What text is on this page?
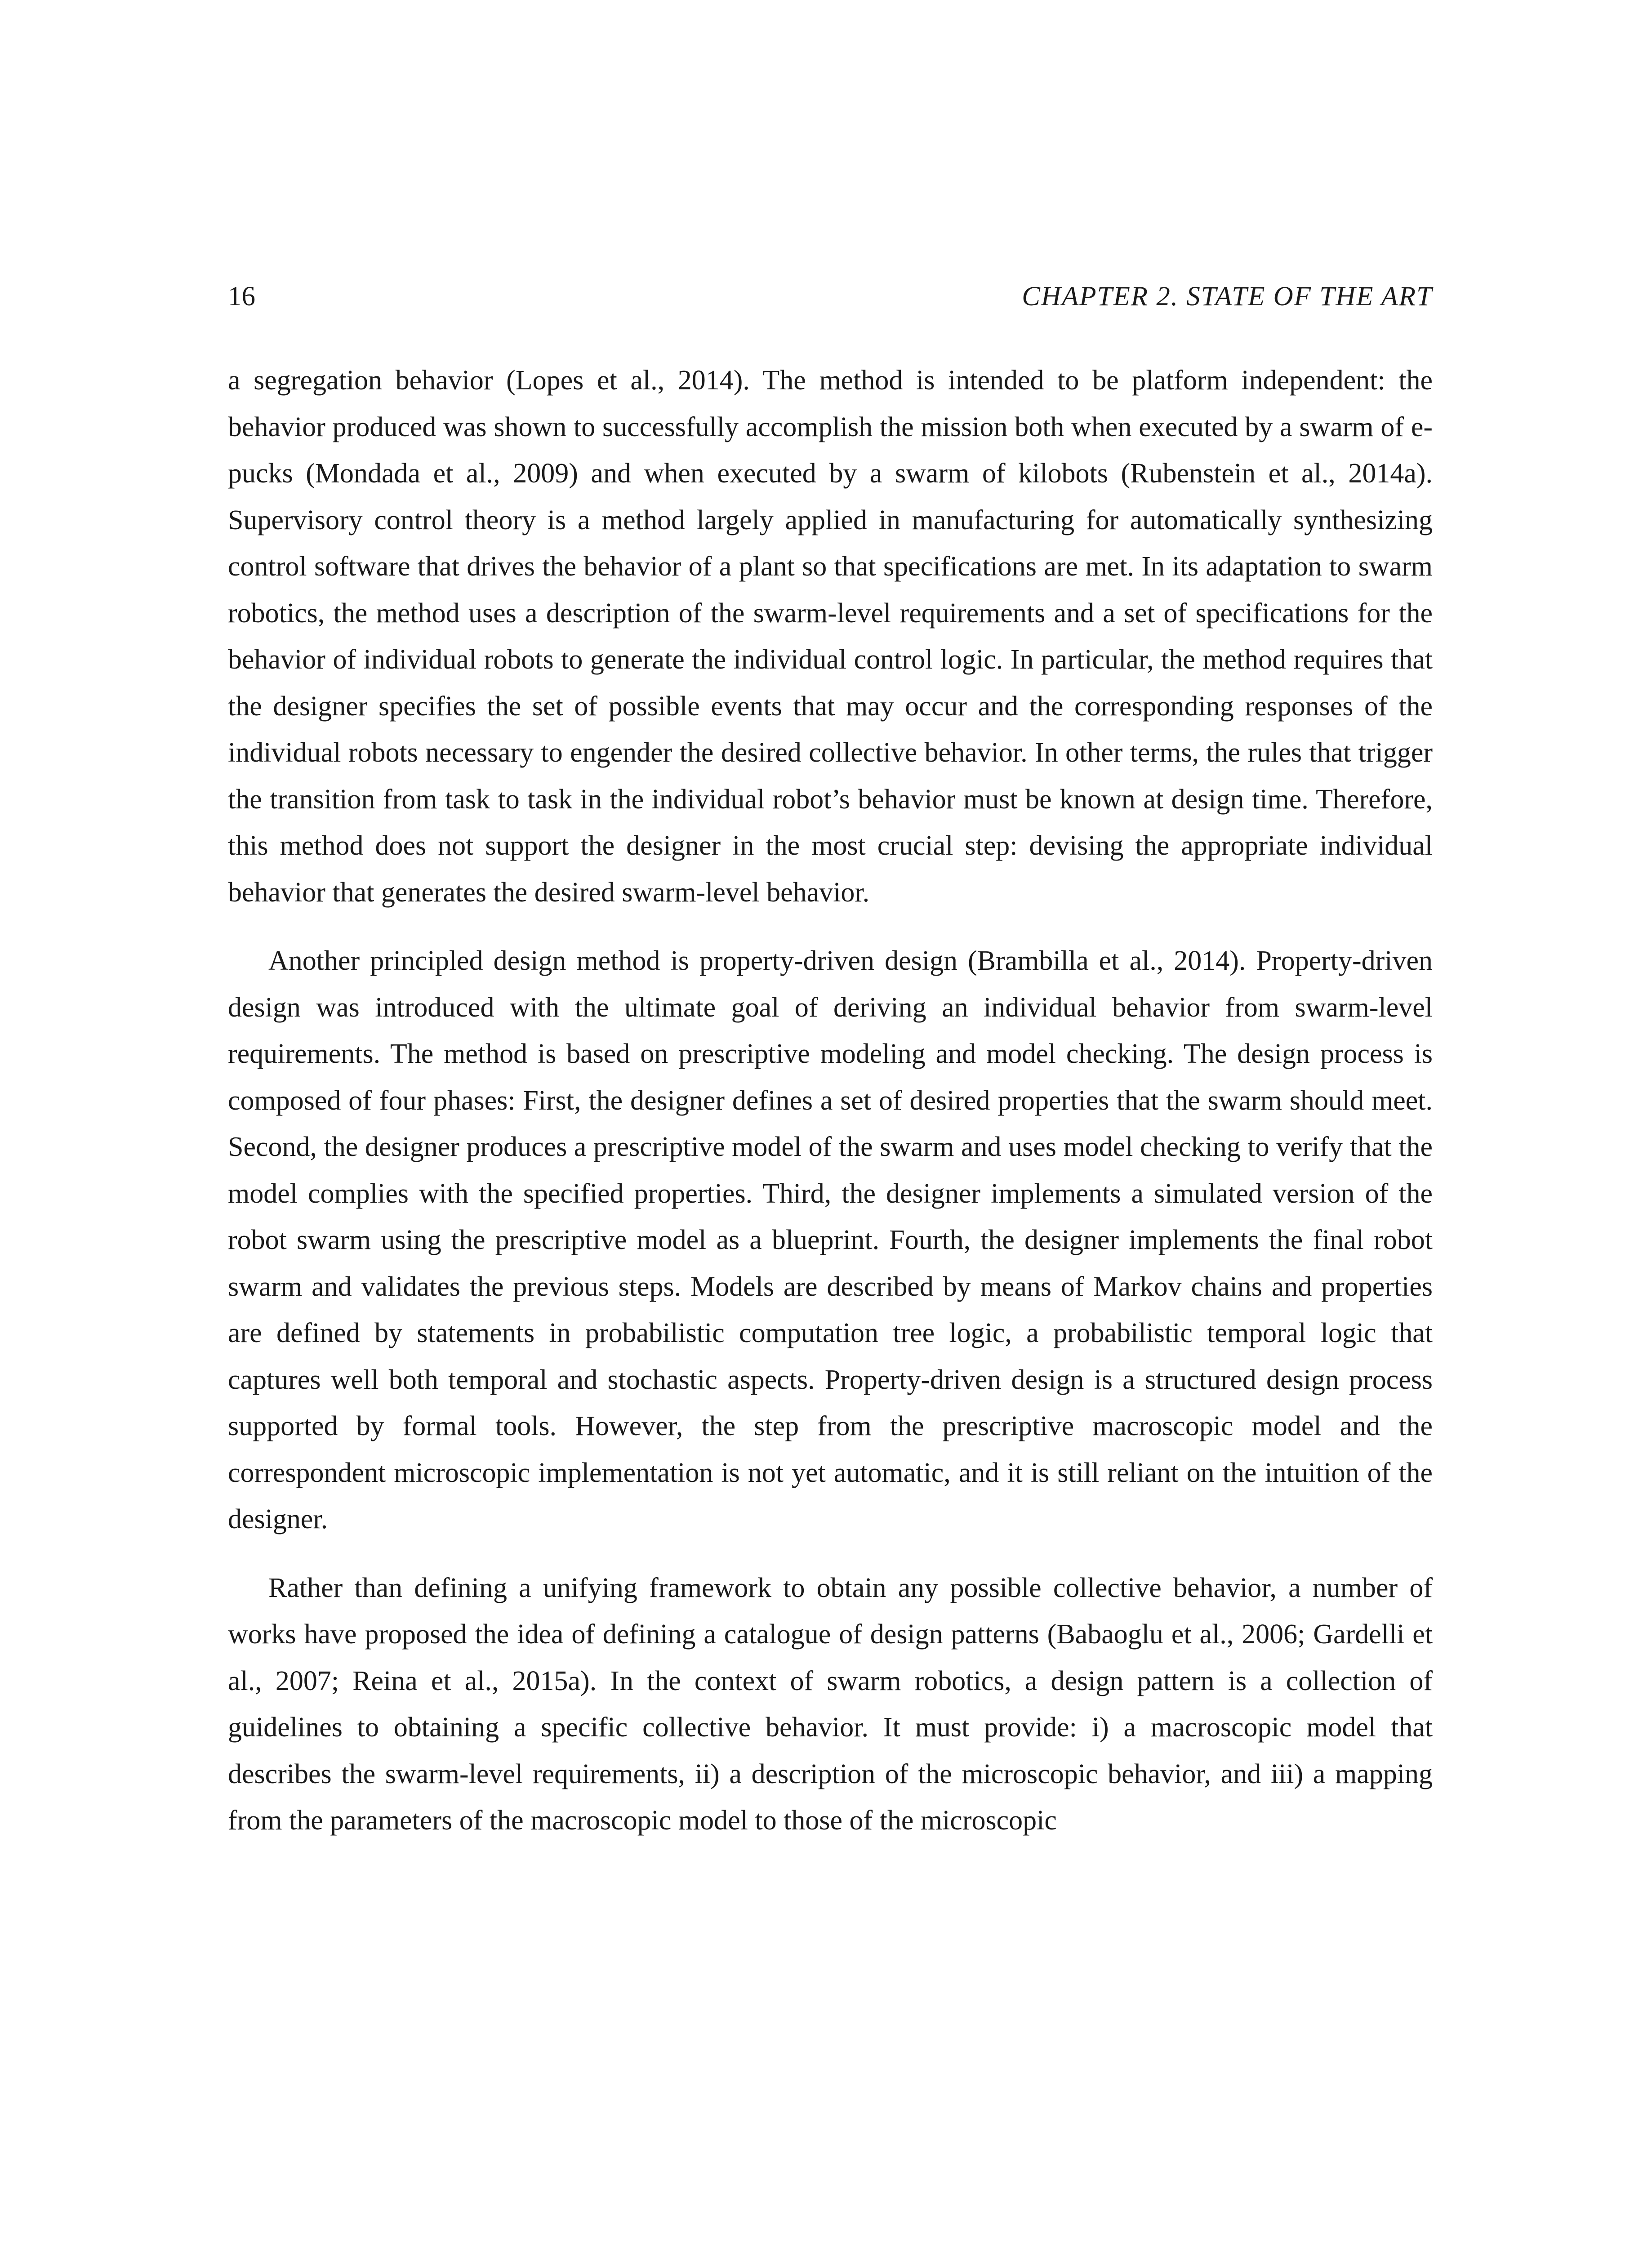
16	CHAPTER 2. STATE OF THE ART

a segregation behavior (Lopes et al., 2014). The method is intended to be platform independent: the behavior produced was shown to successfully accomplish the mission both when executed by a swarm of e-pucks (Mondada et al., 2009) and when executed by a swarm of kilobots (Rubenstein et al., 2014a). Supervisory control theory is a method largely applied in manufacturing for automatically synthesizing control software that drives the behavior of a plant so that specifications are met. In its adaptation to swarm robotics, the method uses a description of the swarm-level requirements and a set of specifications for the behavior of individual robots to generate the individual control logic. In particular, the method requires that the designer specifies the set of possible events that may occur and the corresponding responses of the individual robots necessary to engender the desired collective behavior. In other terms, the rules that trigger the transition from task to task in the individual robot’s behavior must be known at design time. Therefore, this method does not support the designer in the most crucial step: devising the appropriate individual behavior that generates the desired swarm-level behavior.

Another principled design method is property-driven design (Brambilla et al., 2014). Property-driven design was introduced with the ultimate goal of deriving an individual behavior from swarm-level requirements. The method is based on prescriptive modeling and model checking. The design process is composed of four phases: First, the designer defines a set of desired properties that the swarm should meet. Second, the designer produces a prescriptive model of the swarm and uses model checking to verify that the model complies with the specified properties. Third, the designer implements a simulated version of the robot swarm using the prescriptive model as a blueprint. Fourth, the designer implements the final robot swarm and validates the previous steps. Models are described by means of Markov chains and properties are defined by statements in probabilistic computation tree logic, a probabilistic temporal logic that captures well both temporal and stochastic aspects. Property-driven design is a structured design process supported by formal tools. However, the step from the prescriptive macroscopic model and the correspondent microscopic implementation is not yet automatic, and it is still reliant on the intuition of the designer.

Rather than defining a unifying framework to obtain any possible collective behavior, a number of works have proposed the idea of defining a catalogue of design patterns (Babaoglu et al., 2006; Gardelli et al., 2007; Reina et al., 2015a). In the context of swarm robotics, a design pattern is a collection of guidelines to obtaining a specific collective behavior. It must provide: i) a macroscopic model that describes the swarm-level requirements, ii) a description of the microscopic behavior, and iii) a mapping from the parameters of the macroscopic model to those of the microscopic
